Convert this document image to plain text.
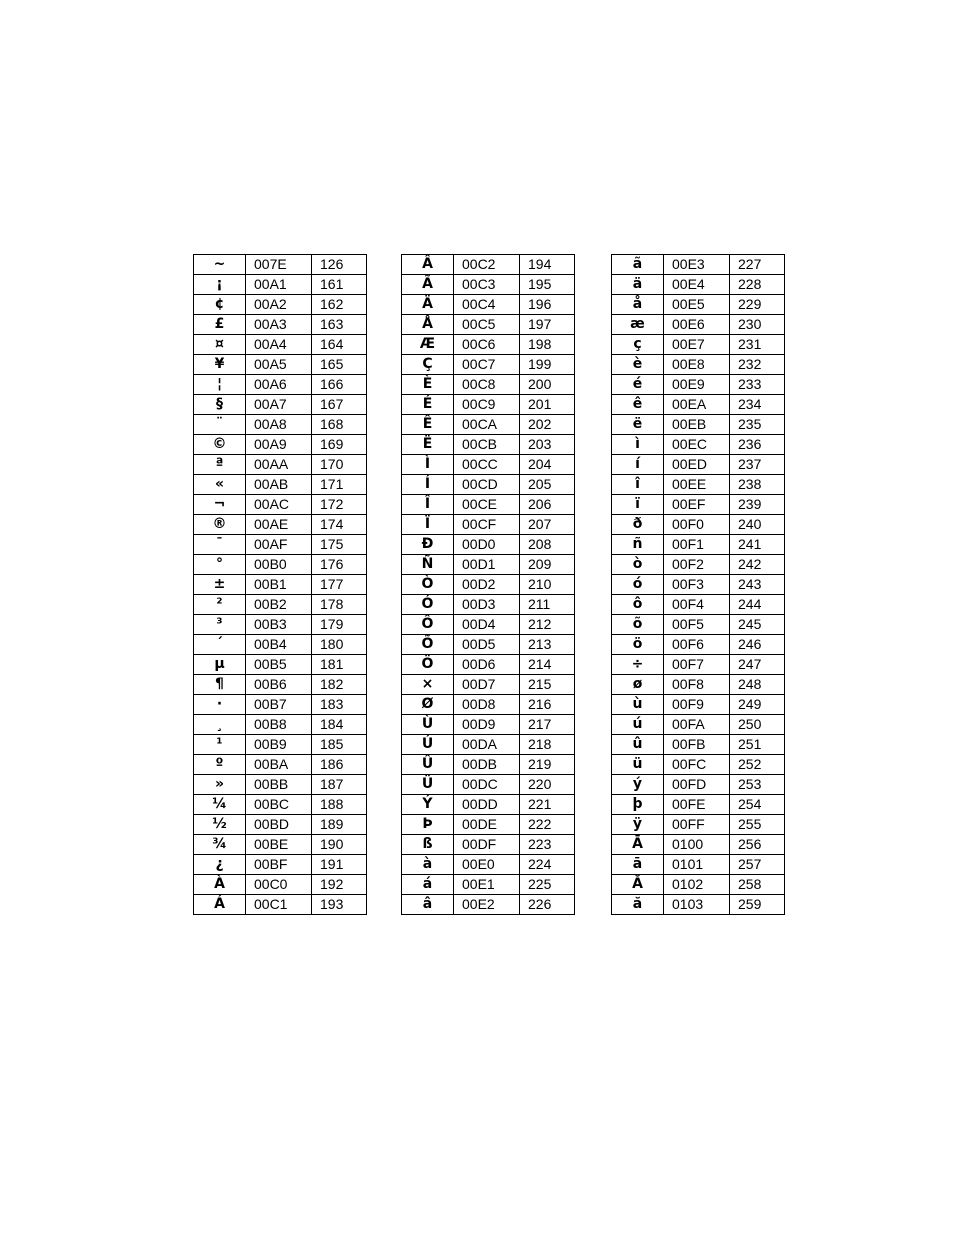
~	007E	126
¡	00A1	161
¢	00A2	162
£	00A3	163
¤	00A4	164
¥	00A5	165
¦	00A6	166
§	00A7	167
¨	00A8	168
©	00A9	169
ª	00AA	170
«	00AB	171
¬	00AC	172
®	00AE	174
¯	00AF	175
°	00B0	176
±	00B1	177
²	00B2	178
³	00B3	179
´	00B4	180
µ	00B5	181
¶	00B6	182
·	00B7	183
¸	00B8	184
¹	00B9	185
º	00BA	186
»	00BB	187
¼	00BC	188
½	00BD	189
¾	00BE	190
¿	00BF	191
À	00C0	192
Á	00C1	193
Â	00C2	194
Ã	00C3	195
Ä	00C4	196
Å	00C5	197
Æ	00C6	198
Ç	00C7	199
È	00C8	200
É	00C9	201
Ê	00CA	202
Ë	00CB	203
Ì	00CC	204
Í	00CD	205
Î	00CE	206
Ï	00CF	207
Ð	00D0	208
Ñ	00D1	209
Ò	00D2	210
Ó	00D3	211
Ô	00D4	212
Õ	00D5	213
Ö	00D6	214
×	00D7	215
Ø	00D8	216
Ù	00D9	217
Ú	00DA	218
Û	00DB	219
Ü	00DC	220
Ý	00DD	221
Þ	00DE	222
ß	00DF	223
à	00E0	224
á	00E1	225
â	00E2	226
ã	00E3	227
ä	00E4	228
å	00E5	229
æ	00E6	230
ç	00E7	231
è	00E8	232
é	00E9	233
ê	00EA	234
ë	00EB	235
ì	00EC	236
í	00ED	237
î	00EE	238
ï	00EF	239
ð	00F0	240
ñ	00F1	241
ò	00F2	242
ó	00F3	243
ô	00F4	244
õ	00F5	245
ö	00F6	246
÷	00F7	247
ø	00F8	248
ù	00F9	249
ú	00FA	250
û	00FB	251
ü	00FC	252
ý	00FD	253
þ	00FE	254
ÿ	00FF	255
Ā	0100	256
ā	0101	257
Ă	0102	258
ă	0103	259
